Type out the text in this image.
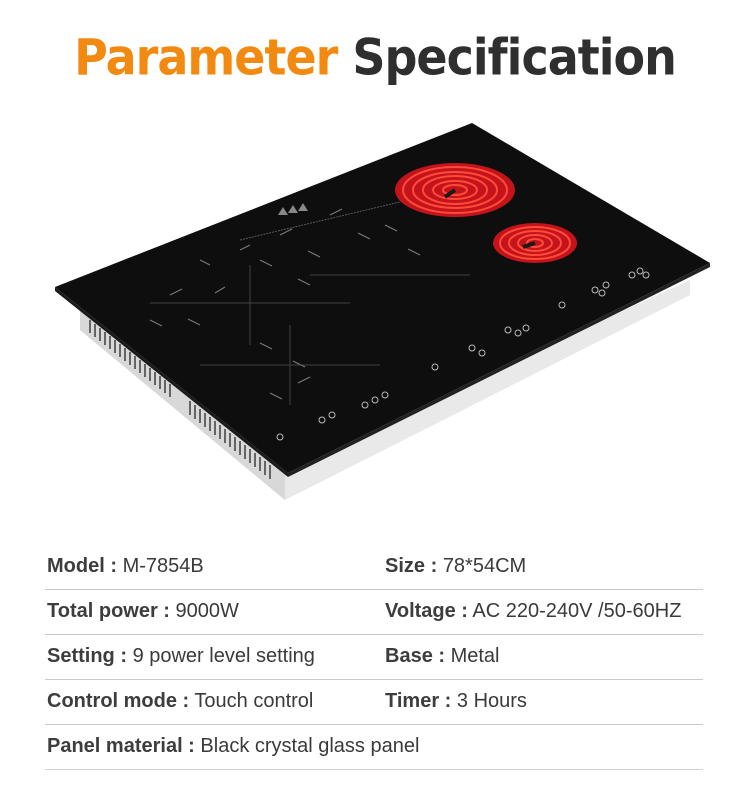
Parameter Specification
Model : M-7854B	Size : 78*54CM
Total power : 9000W	Voltage : AC 220-240V /50-60HZ
Setting : 9 power level setting	Base : Metal
Control mode : Touch control	Timer : 3 Hours
Panel material : Black crystal glass panel
